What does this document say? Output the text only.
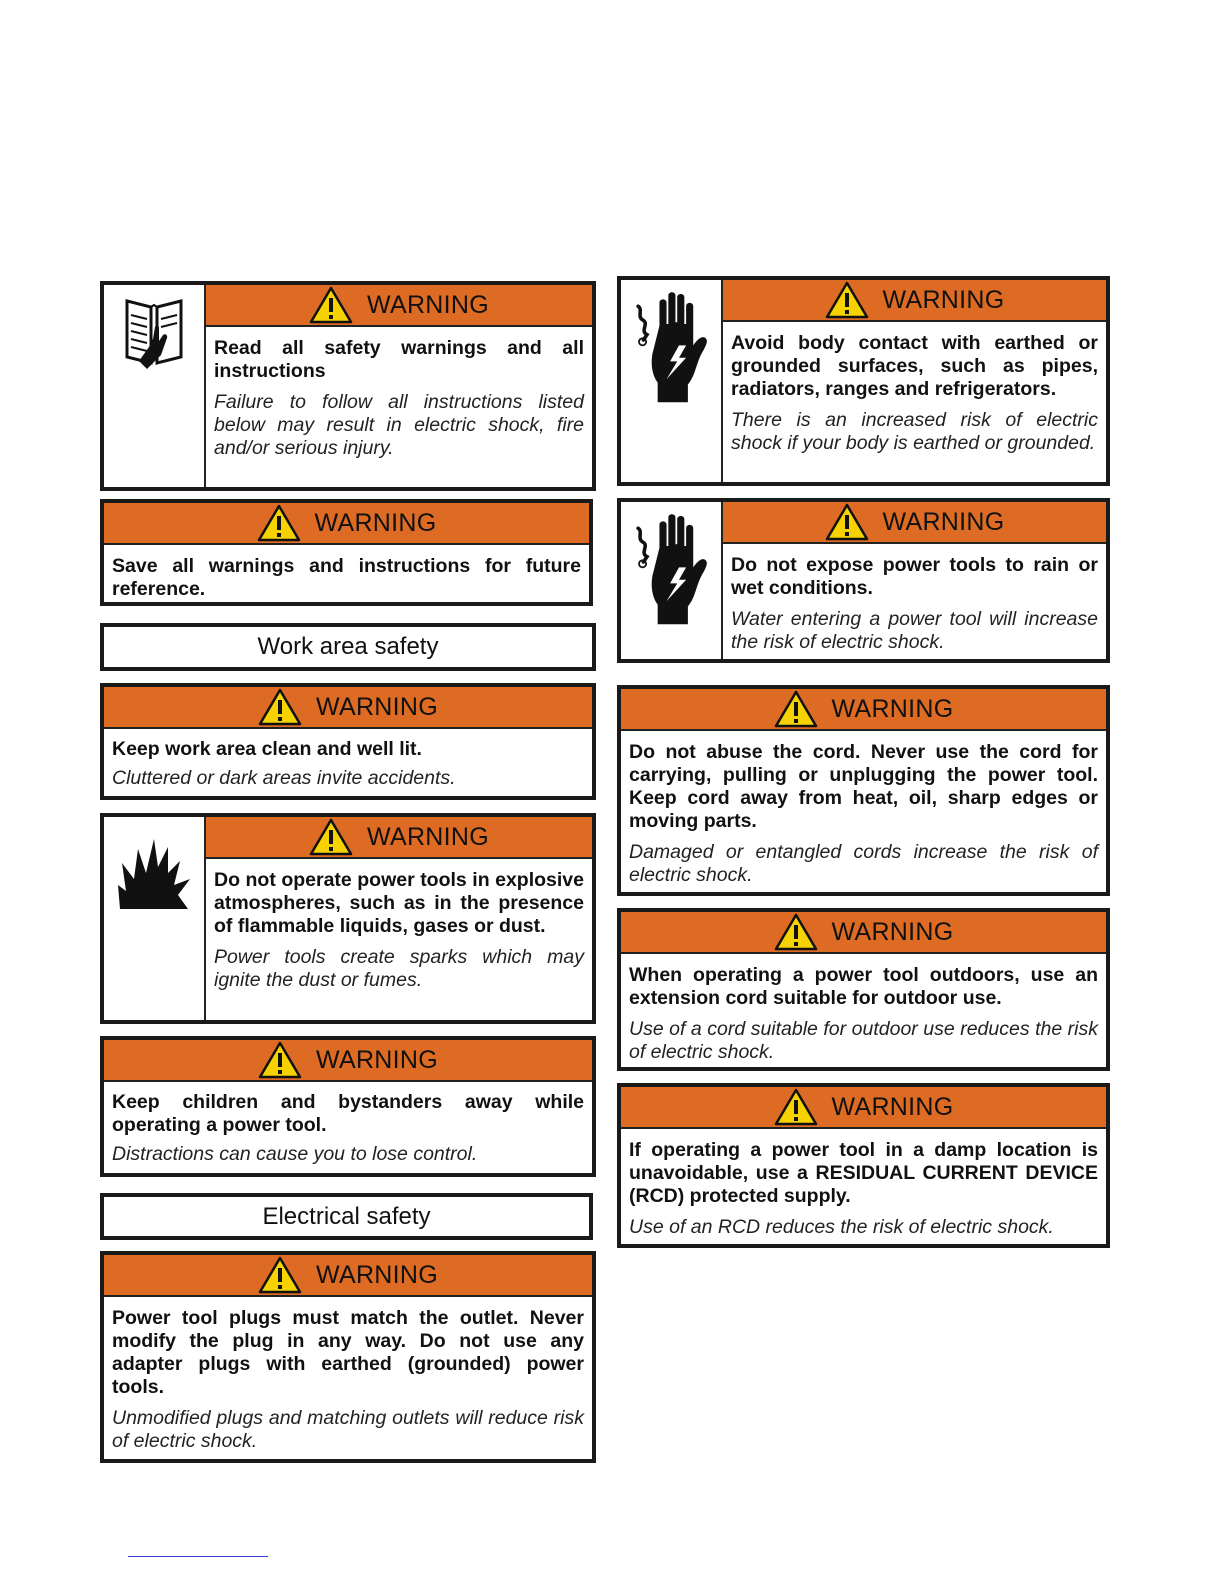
WARNING
Read all safety warnings and all instructions
Failure to follow all instructions listed below may result in electric shock, fire and/or serious injury.
WARNING
Save all warnings and instructions for future reference.
Work area safety
WARNING
Keep work area clean and well lit.
Cluttered or dark areas invite accidents.
WARNING
Do not operate power tools in explosive atmospheres, such as in the presence of flammable liquids, gases or dust.
Power tools create sparks which may ignite the dust or fumes.
WARNING
Keep children and bystanders away while operating a power tool.
Distractions can cause you to lose control.
Electrical safety
WARNING
Power tool plugs must match the outlet. Never modify the plug in any way. Do not use any adapter plugs with earthed (grounded) power tools.
Unmodified plugs and matching outlets will reduce risk of electric shock.
WARNING
Avoid body contact with earthed or grounded surfaces, such as pipes, radiators, ranges and refrigerators.
There is an increased risk of electric shock if your body is earthed or grounded.
WARNING
Do not expose power tools to rain or wet conditions.
Water entering a power tool will increase the risk of electric shock.
WARNING
Do not abuse the cord. Never use the cord for carrying, pulling or unplugging the power tool. Keep cord away from heat, oil, sharp edges or moving parts.
Damaged or entangled cords increase the risk of electric shock.
WARNING
When operating a power tool outdoors, use an extension cord suitable for outdoor use.
Use of a cord suitable for outdoor use reduces the risk of electric shock.
WARNING
If operating a power tool in a damp location is unavoidable, use a RESIDUAL CURRENT DEVICE (RCD) protected supply.
Use of an RCD reduces the risk of electric shock.
